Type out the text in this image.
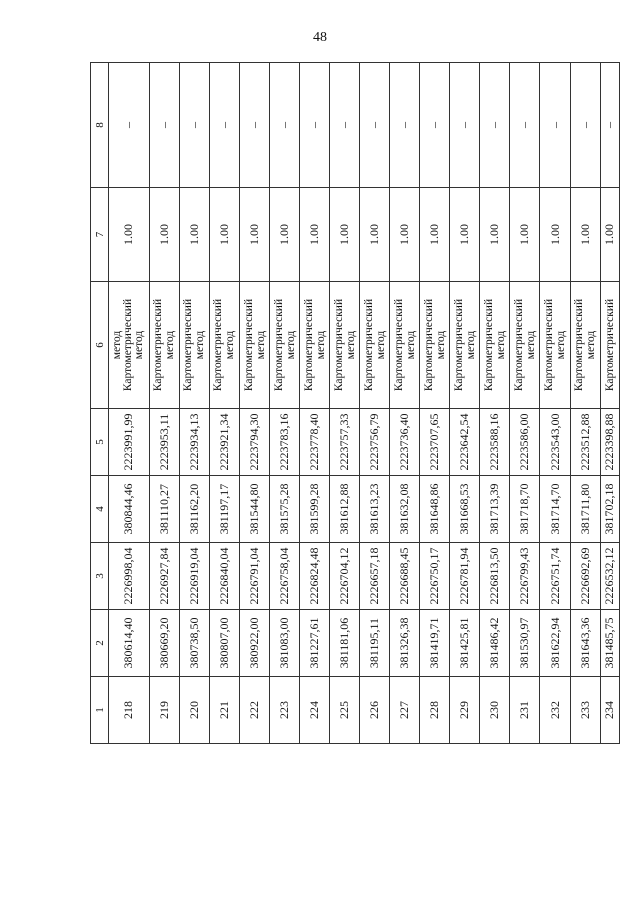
48
1	2	3	4	5	6	7	8
218	380614,40	2226998,04	380844,46	2223991,99	метод Картометрический метод	1.00	–
219	380669,20	2226927,84	381110,27	2223953,11	Картометрический метод	1.00	–
220	380738,50	2226919,04	381162,20	2223934,13	Картометрический метод	1.00	–
221	380807,00	2226840,04	381197,17	2223921,34	Картометрический метод	1.00	–
222	380922,00	2226791,04	381544,80	2223794,30	Картометрический метод	1.00	–
223	381083,00	2226758,04	381575,28	2223783,16	Картометрический метод	1.00	–
224	381227,61	2226824,48	381599,28	2223778,40	Картометрический метод	1.00	–
225	381181,06	2226704,12	381612,88	2223757,33	Картометрический метод	1.00	–
226	381195,11	2226657,18	381613,23	2223756,79	Картометрический метод	1.00	–
227	381326,38	2226688,45	381632,08	2223736,40	Картометрический метод	1.00	–
228	381419,71	2226750,17	381648,86	2223707,65	Картометрический метод	1.00	–
229	381425,81	2226781,94	381668,53	2223642,54	Картометрический метод	1.00	–
230	381486,42	2226813,50	381713,39	2223588,16	Картометрический метод	1.00	–
231	381530,97	2226799,43	381718,70	2223586,00	Картометрический метод	1.00	–
232	381622,94	2226751,74	381714,70	2223543,00	Картометрический метод	1.00	–
233	381643,36	2226692,69	381711,80	2223512,88	Картометрический метод	1.00	–
234	381485,75	2226532,12	381702,18	2223398,88	Картометрический	1.00	–
